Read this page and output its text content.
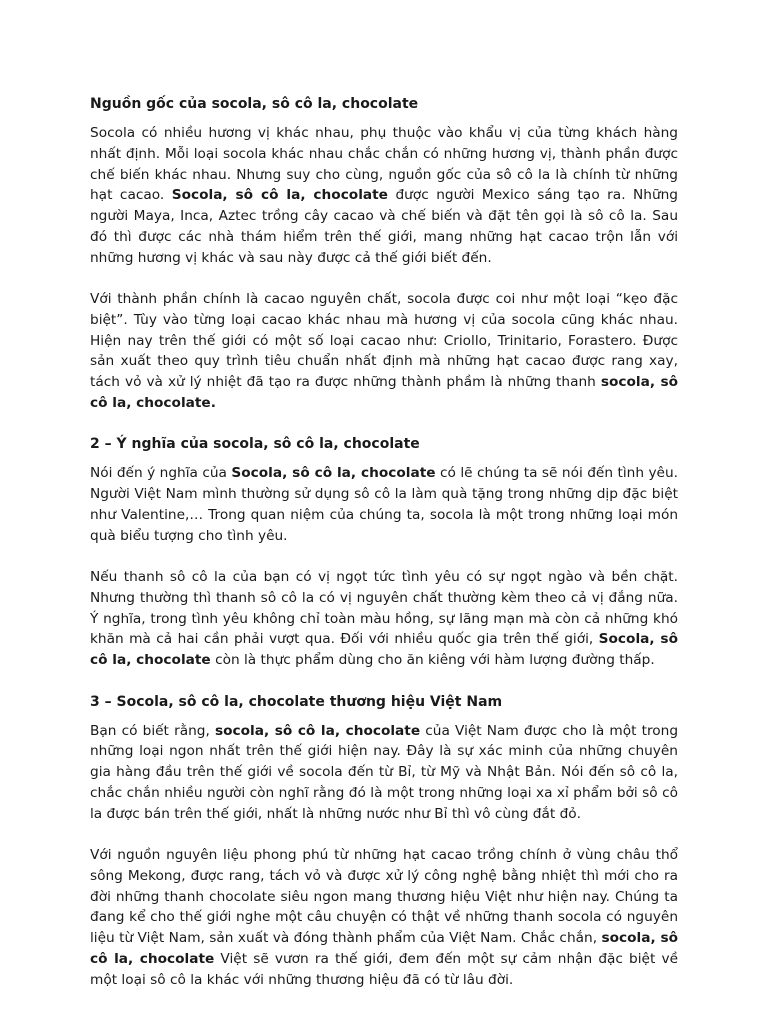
Nguồn gốc của socola, sô cô la, chocolate

Socola có nhiều hương vị khác nhau, phụ thuộc vào khẩu vị của từng khách hàng nhất định. Mỗi loại socola khác nhau chắc chắn có những hương vị, thành phần được chế biến khác nhau. Nhưng suy cho cùng, nguồn gốc của sô cô la là chính từ những hạt cacao. Socola, sô cô la, chocolate được người Mexico sáng tạo ra. Những người Maya, Inca, Aztec trồng cây cacao và chế biến và đặt tên gọi là sô cô la. Sau đó thì được các nhà thám hiểm trên thế giới, mang những hạt cacao trộn lẫn với những hương vị khác và sau này được cả thế giới biết đến.

Với thành phần chính là cacao nguyên chất, socola được coi như một loại “kẹo đặc biệt”. Tùy vào từng loại cacao khác nhau mà hương vị của socola cũng khác nhau. Hiện nay trên thế giới có một số loại cacao như: Criollo, Trinitario, Forastero. Được sản xuất theo quy trình tiêu chuẩn nhất định mà những hạt cacao được rang xay, tách vỏ và xử lý nhiệt đã tạo ra được những thành phầm là những thanh socola, sô cô la, chocolate.

2 – Ý nghĩa của socola, sô cô la, chocolate

Nói đến ý nghĩa của Socola, sô cô la, chocolate có lẽ chúng ta sẽ nói đến tình yêu. Người Việt Nam mình thường sử dụng sô cô la làm quà tặng trong những dịp đặc biệt như Valentine,… Trong quan niệm của chúng ta, socola là một trong những loại món quà biểu tượng cho tình yêu.

Nếu thanh sô cô la của bạn có vị ngọt tức tình yêu có sự ngọt ngào và bền chặt. Nhưng thường thì thanh sô cô la có vị nguyên chất thường kèm theo cả vị đắng nữa. Ý nghĩa, trong tình yêu không chỉ toàn màu hồng, sự lãng mạn mà còn cả những khó khăn mà cả hai cần phải vượt qua. Đối với nhiều quốc gia trên thế giới, Socola, sô cô la, chocolate còn là thực phẩm dùng cho ăn kiêng với hàm lượng đường thấp.

3 – Socola, sô cô la, chocolate thương hiệu Việt Nam

Bạn có biết rằng, socola, sô cô la, chocolate của Việt Nam được cho là một trong những loại ngon nhất trên thế giới hiện nay. Đây là sự xác minh của những chuyên gia hàng đầu trên thế giới về socola đến từ Bỉ, từ Mỹ và Nhật Bản. Nói đến sô cô la, chắc chắn nhiều người còn nghĩ rằng đó là một trong những loại xa xỉ phẩm bởi sô cô la được bán trên thế giới, nhất là những nước như Bỉ thì vô cùng đắt đỏ.

Với nguồn nguyên liệu phong phú từ những hạt cacao trồng chính ở vùng châu thổ sông Mekong, được rang, tách vỏ và được xử lý công nghệ bằng nhiệt thì mới cho ra đời những thanh chocolate siêu ngon mang thương hiệu Việt như hiện nay. Chúng ta đang kể cho thế giới nghe một câu chuyện có thật về những thanh socola có nguyên liệu từ Việt Nam, sản xuất và đóng thành phẩm của Việt Nam. Chắc chắn, socola, sô cô la, chocolate Việt sẽ vươn ra thế giới, đem đến một sự cảm nhận đặc biệt về một loại sô cô la khác với những thương hiệu đã có từ lâu đời.
